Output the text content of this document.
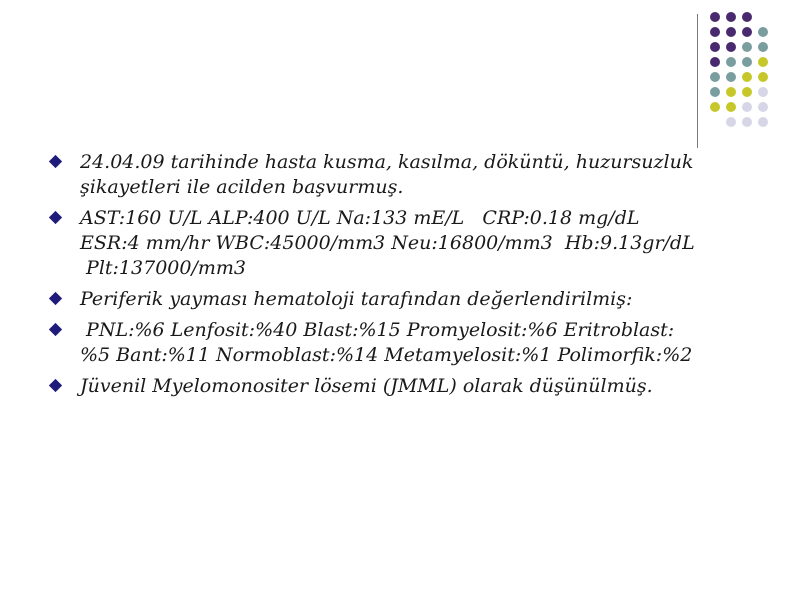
24.04.09 tarihinde hasta kusma, kasılma, döküntü, huzursuzluk
şikayetleri ile acilden başvurmuş.
AST:160 U/L ALP:400 U/L Na:133 mE/L   CRP:0.18 mg/dL
ESR:4 mm/hr WBC:45000/mm3 Neu:16800/mm3  Hb:9.13gr/dL
Plt:137000/mm3
Periferik yayması hematoloji tarafından değerlendirilmiş:
PNL:%6 Lenfosit:%40 Blast:%15 Promyelosit:%6 Eritroblast:
%5 Bant:%11 Normoblast:%14 Metamyelosit:%1 Polimorfik:%2
Jüvenil Myelomonositer lösemi (JMML) olarak düşünülmüş.
